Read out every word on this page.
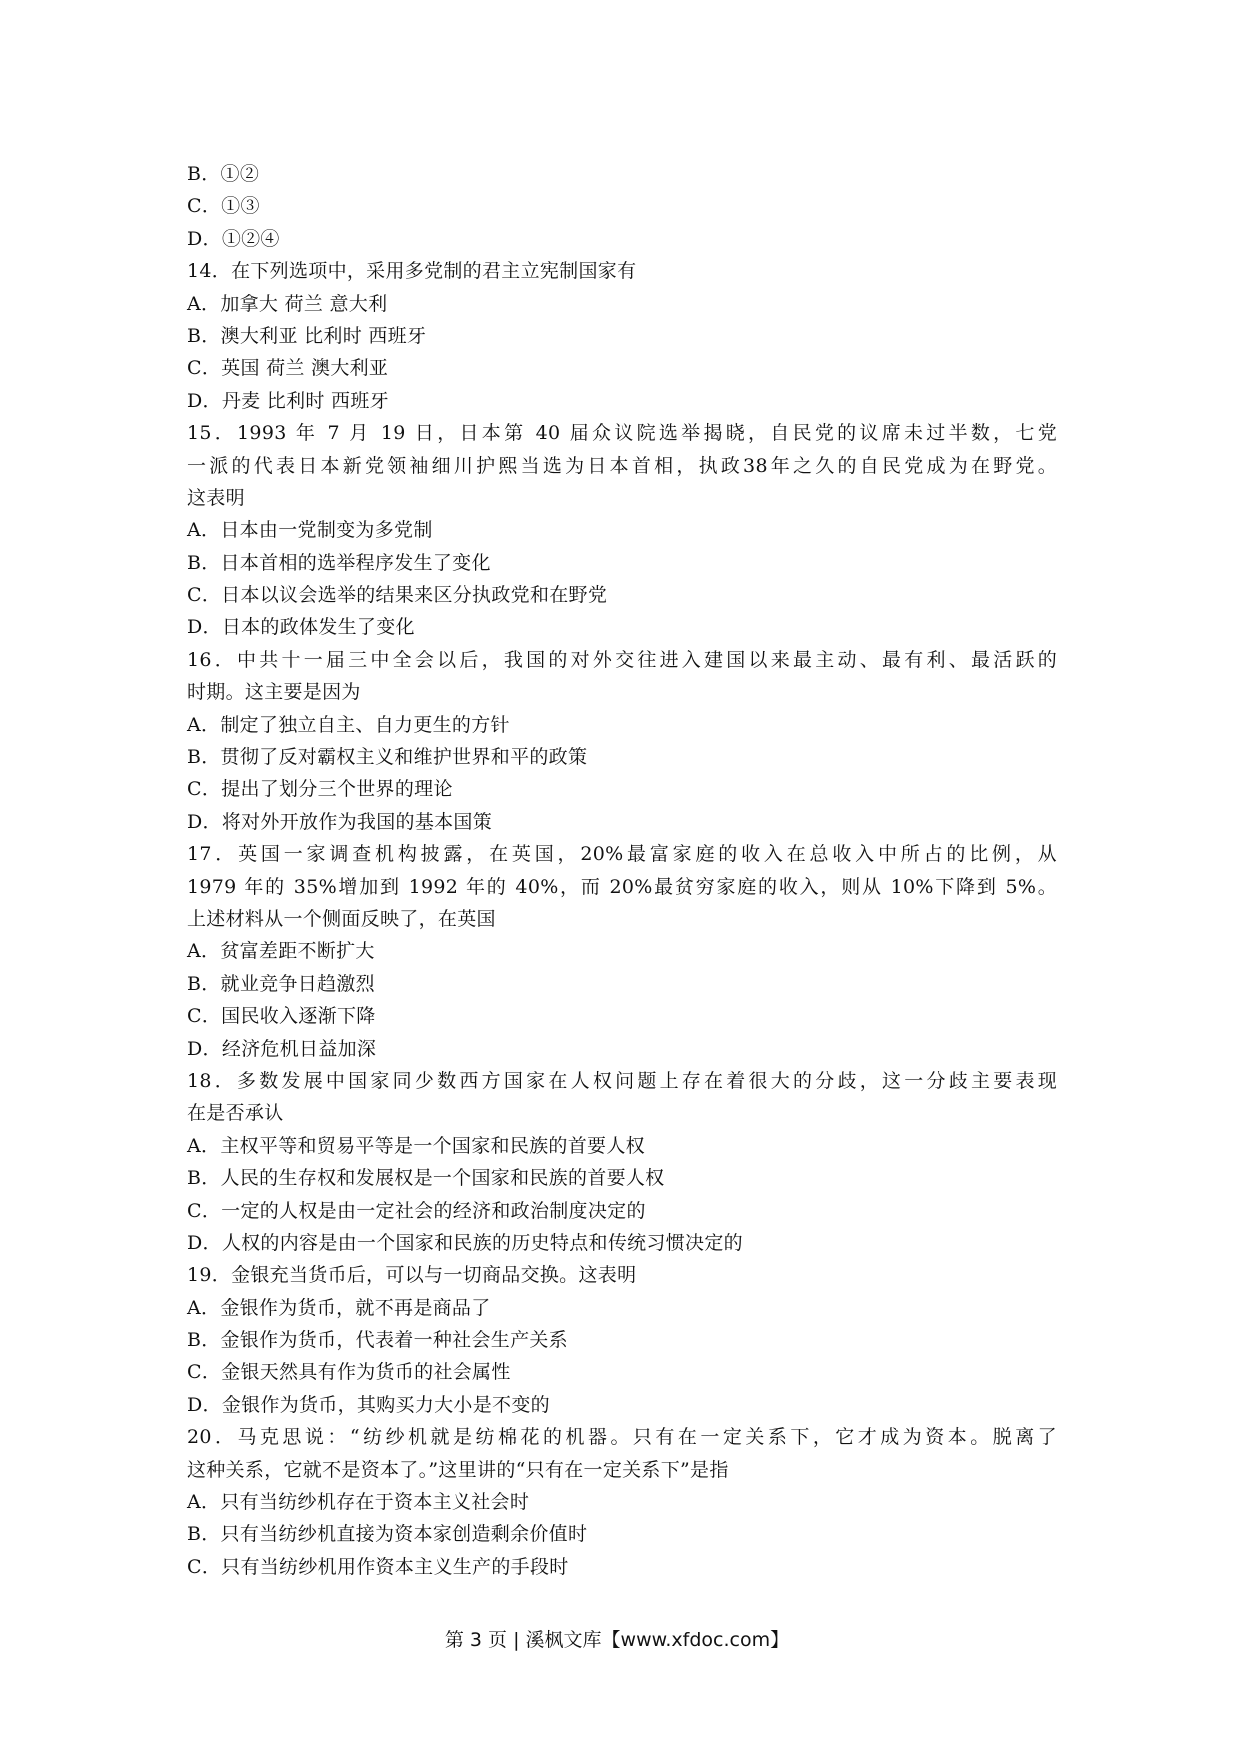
B．①②
C．①③
D．①②④
14．在下列选项中，采用多党制的君主立宪制国家有
A．加拿大 荷兰 意大利
B．澳大利亚 比利时 西班牙
C．英国 荷兰 澳大利亚
D．丹麦 比利时 西班牙
15．1993 年 7 月 19 日，日本第 40 届众议院选举揭晓，自民党的议席未过半数，七党
一派的代表日本新党领袖细川护熙当选为日本首相，执政38年之久的自民党成为在野党。
这表明
A．日本由一党制变为多党制
B．日本首相的选举程序发生了变化
C．日本以议会选举的结果来区分执政党和在野党
D．日本的政体发生了变化
16．中共十一届三中全会以后，我国的对外交往进入建国以来最主动、最有利、最活跃的
时期。这主要是因为
A．制定了独立自主、自力更生的方针
B．贯彻了反对霸权主义和维护世界和平的政策
C．提出了划分三个世界的理论
D．将对外开放作为我国的基本国策
17．英国一家调查机构披露，在英国，20%最富家庭的收入在总收入中所占的比例，从
1979 年的 35%增加到 1992 年的 40%，而 20%最贫穷家庭的收入，则从 10%下降到 5%。
上述材料从一个侧面反映了，在英国
A．贫富差距不断扩大
B．就业竞争日趋激烈
C．国民收入逐渐下降
D．经济危机日益加深
18．多数发展中国家同少数西方国家在人权问题上存在着很大的分歧，这一分歧主要表现
在是否承认
A．主权平等和贸易平等是一个国家和民族的首要人权
B．人民的生存权和发展权是一个国家和民族的首要人权
C．一定的人权是由一定社会的经济和政治制度决定的
D．人权的内容是由一个国家和民族的历史特点和传统习惯决定的
19．金银充当货币后，可以与一切商品交换。这表明
A．金银作为货币，就不再是商品了
B．金银作为货币，代表着一种社会生产关系
C．金银天然具有作为货币的社会属性
D．金银作为货币，其购买力大小是不变的
20．马克思说：“纺纱机就是纺棉花的机器。只有在一定关系下，它才成为资本。脱离了
这种关系，它就不是资本了。”这里讲的“只有在一定关系下”是指
A．只有当纺纱机存在于资本主义社会时
B．只有当纺纱机直接为资本家创造剩余价值时
C．只有当纺纱机用作资本主义生产的手段时
第 3 页 | 溪枫文库【www.xfdoc.com】
